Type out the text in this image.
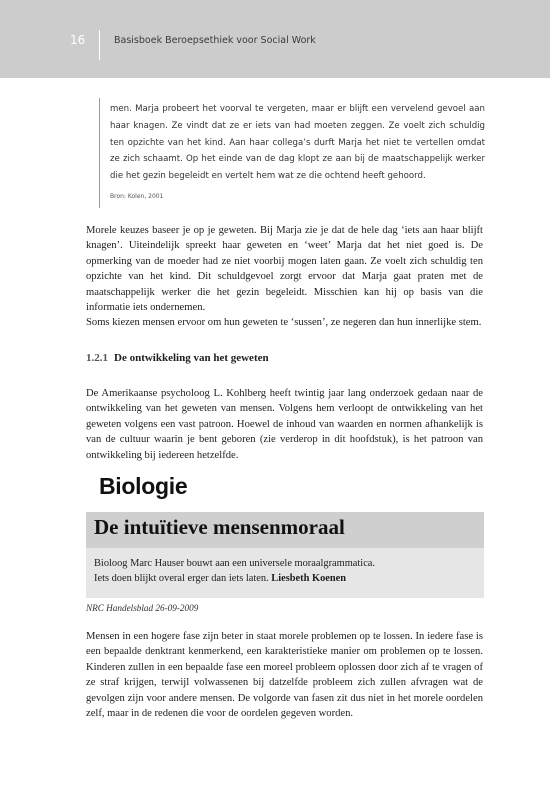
16	Basisboek Beroepsethiek voor Social Work

men. Marja probeert het voorval te vergeten, maar er blijft een vervelend gevoel aan haar knagen. Ze vindt dat ze er iets van had moeten zeggen. Ze voelt zich schuldig ten opzichte van het kind. Aan haar collega’s durft Marja het niet te vertellen omdat ze zich schaamt. Op het einde van de dag klopt ze aan bij de maatschappelijk werker die het gezin begeleidt en vertelt hem wat ze die ochtend heeft gehoord.

Bron: Kolen, 2001

Morele keuzes baseer je op je geweten. Bij Marja zie je dat de hele dag ‘iets aan haar blijft knagen’. Uiteindelijk spreekt haar geweten en ‘weet’ Marja dat het niet goed is. De opmerking van de moeder had ze niet voorbij mogen laten gaan. Ze voelt zich schuldig ten opzichte van het kind. Dit schuldgevoel zorgt ervoor dat Marja gaat praten met de maatschappelijk werker die het gezin begeleidt. Misschien kan hij op basis van die informatie iets ondernemen.
Soms kiezen mensen ervoor om hun geweten te ‘sussen’, ze negeren dan hun innerlijke stem.
1.2.1 De ontwikkeling van het geweten

De Amerikaanse psycholoog L. Kohlberg heeft twintig jaar lang onderzoek gedaan naar de ontwikkeling van het geweten van mensen. Volgens hem verloopt de ontwikkeling van het geweten volgens een vast patroon. Hoewel de inhoud van waarden en normen afhankelijk is van de cultuur waarin je bent geboren (zie verderop in dit hoofdstuk), is het patroon van ontwikkeling bij iedereen hetzelfde.

Biologie
De intuïtieve mensenmoraal

Bioloog Marc Hauser bouwt aan een universele moraalgrammatica.
Iets doen blijkt overal erger dan iets laten. Liesbeth Koenen

NRC Handelsblad 26-09-2009

Mensen in een hogere fase zijn beter in staat morele problemen op te lossen. In iedere fase is een bepaalde denktrant kenmerkend, een karakteristieke manier om problemen op te lossen. Kinderen zullen in een bepaalde fase een moreel probleem oplossen door zich af te vragen of ze straf krijgen, terwijl volwassenen bij datzelfde probleem zich zullen afvragen wat de gevolgen zijn voor andere mensen. De volgorde van fasen zit dus niet in het morele oordelen zelf, maar in de redenen die voor de oordelen gegeven worden.
